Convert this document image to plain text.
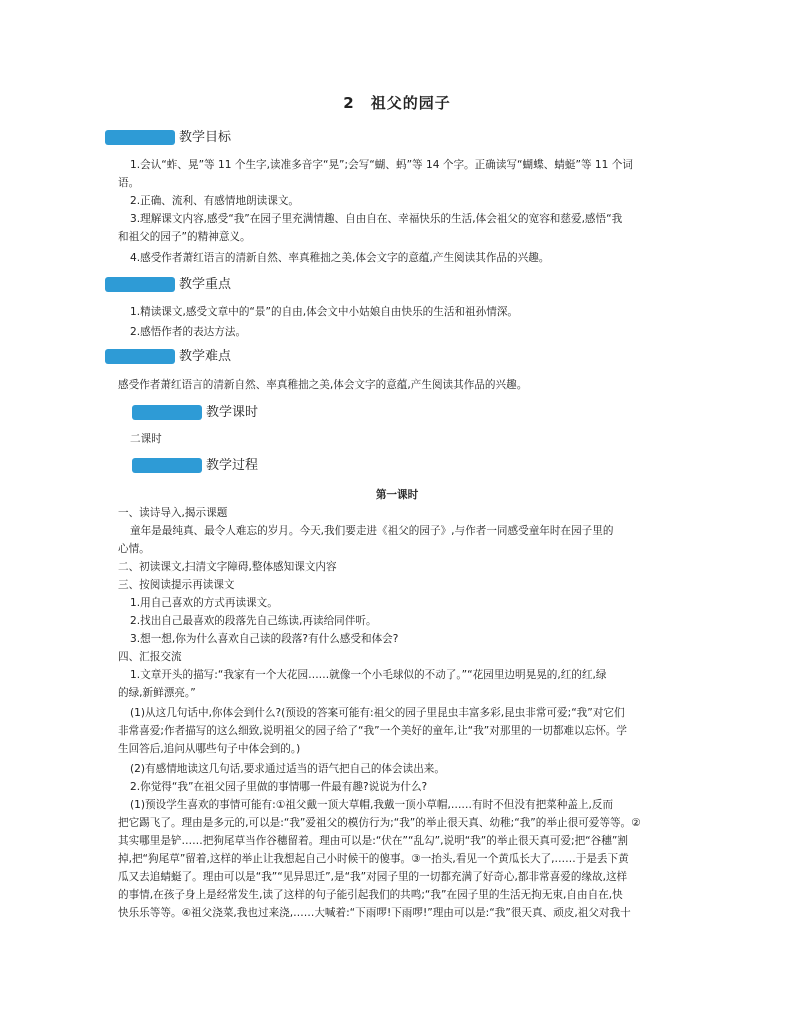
2　祖父的园子
教学目标
1.会认“蚱、晃”等 11 个生字,读准多音字“晃”;会写“蝴、蚂”等 14 个字。正确读写“蝴蝶、蜻蜓”等 11 个词
语。
2.正确、流利、有感情地朗读课文。
3.理解课文内容,感受“我”在园子里充满情趣、自由自在、幸福快乐的生活,体会祖父的宽容和慈爱,感悟“我
和祖父的园子”的精神意义。
4.感受作者萧红语言的清新自然、率真稚拙之美,体会文字的意蕴,产生阅读其作品的兴趣。
教学重点
1.精读课文,感受文章中的“景”的自由,体会文中小姑娘自由快乐的生活和祖孙情深。
2.感悟作者的表达方法。
教学难点
感受作者萧红语言的清新自然、率真稚拙之美,体会文字的意蕴,产生阅读其作品的兴趣。
教学课时
二课时
教学过程
第一课时
一、读诗导入,揭示课题
童年是最纯真、最令人难忘的岁月。今天,我们要走进《祖父的园子》,与作者一同感受童年时在园子里的
心情。
二、初读课文,扫清文字障碍,整体感知课文内容
三、按阅读提示再读课文
1.用自己喜欢的方式再读课文。
2.找出自己最喜欢的段落先自己练读,再读给同伴听。
3.想一想,你为什么喜欢自己读的段落?有什么感受和体会?
四、汇报交流
1.文章开头的描写:“我家有一个大花园……就像一个小毛球似的不动了。”“花园里边明晃晃的,红的红,绿
的绿,新鲜漂亮。”
(1)从这几句话中,你体会到什么?(预设的答案可能有:祖父的园子里昆虫丰富多彩,昆虫非常可爱;“我”对它们
非常喜爱;作者描写的这么细致,说明祖父的园子给了“我”一个美好的童年,让“我”对那里的一切都难以忘怀。学
生回答后,追问从哪些句子中体会到的。)
(2)有感情地读这几句话,要求通过适当的语气把自己的体会读出来。
2.你觉得“我”在祖父园子里做的事情哪一件最有趣?说说为什么?
(1)预设学生喜欢的事情可能有:①祖父戴一顶大草帽,我戴一顶小草帽,……有时不但没有把菜种盖上,反而
把它踢飞了。理由是多元的,可以是:“我”爱祖父的模仿行为;“我”的举止很天真、幼稚;“我”的举止很可爱等等。②
其实哪里是铲……把狗尾草当作谷穗留着。理由可以是:“伏在”“乱勾”,说明“我”的举止很天真可爱;把“谷穗”割
掉,把“狗尾草”留着,这样的举止让我想起自己小时候干的傻事。③一抬头,看见一个黄瓜长大了,……于是丢下黄
瓜又去追蜻蜓了。理由可以是“我”“见异思迁”,是“我”对园子里的一切都充满了好奇心,都非常喜爱的缘故,这样
的事情,在孩子身上是经常发生,读了这样的句子能引起我们的共鸣;“我”在园子里的生活无拘无束,自由自在,快
快乐乐等等。④祖父浇菜,我也过来浇,……大喊着:“下雨啰!下雨啰!”理由可以是:“我”很天真、顽皮,祖父对我十
